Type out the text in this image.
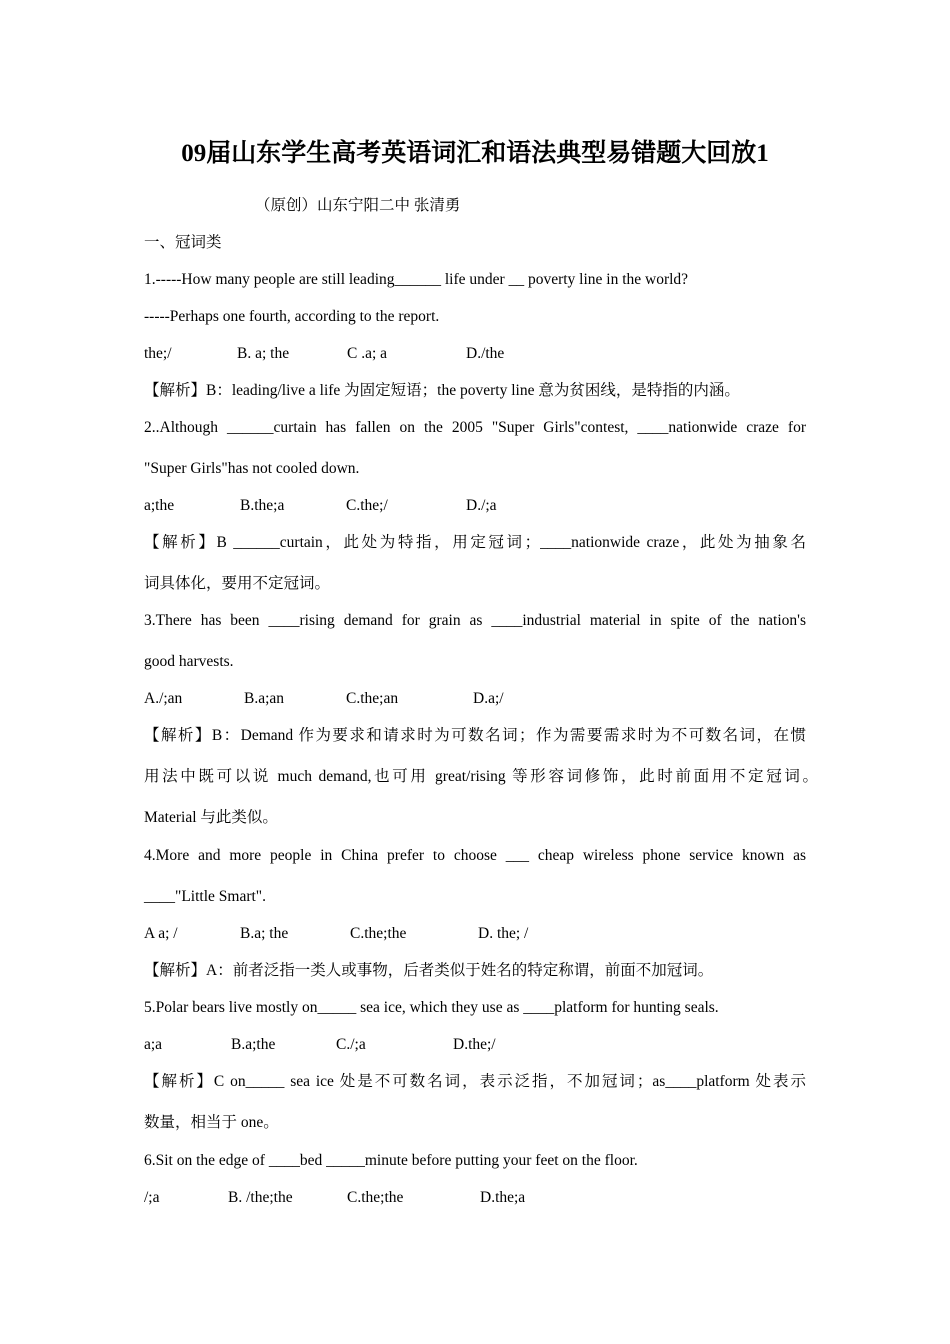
09届山东学生高考英语词汇和语法典型易错题大回放1
（原创）山东宁阳二中 张清勇
一、冠词类
1.-----How many people are still leading______ life under __ poverty line in the world?
-----Perhaps one fourth, according to the report.
the;/	B. a; the	C .a; a	D./the
【解析】B：leading/live a life 为固定短语；the poverty line 意为贫困线，是特指的内涵。
2..Although ______curtain has fallen on the 2005 "Super Girls"contest, ____nationwide craze for
"Super Girls"has not cooled down.
a;the	B.the;a	C.the;/	D./;a
【解析】B ______curtain，此处为特指，用定冠词；____nationwide craze，此处为抽象名
词具体化，要用不定冠词。
3.There has been ____rising demand for grain as ____industrial material in spite of the nation's
good harvests.
A./;an	B.a;an	C.the;an	D.a;/
【解析】B：Demand 作为要求和请求时为可数名词；作为需要需求时为不可数名词，在惯
用法中既可以说 much demand,也可用 great/rising 等形容词修饰，此时前面用不定冠词。
Material 与此类似。
4.More and more people in China prefer to choose ___ cheap wireless phone service known as
____"Little Smart".
A a; /	B.a; the	C.the;the	D. the; /
【解析】A：前者泛指一类人或事物，后者类似于姓名的特定称谓，前面不加冠词。
5.Polar bears live mostly on_____ sea ice, which they use as ____platform for hunting seals.
a;a	B.a;the	C./;a	D.the;/
【解析】C on_____ sea ice 处是不可数名词，表示泛指，不加冠词；as____platform 处表示
数量，相当于 one。
6.Sit on the edge of ____bed _____minute before putting your feet on the floor.
/;a	B. /the;the	C.the;the	D.the;a
